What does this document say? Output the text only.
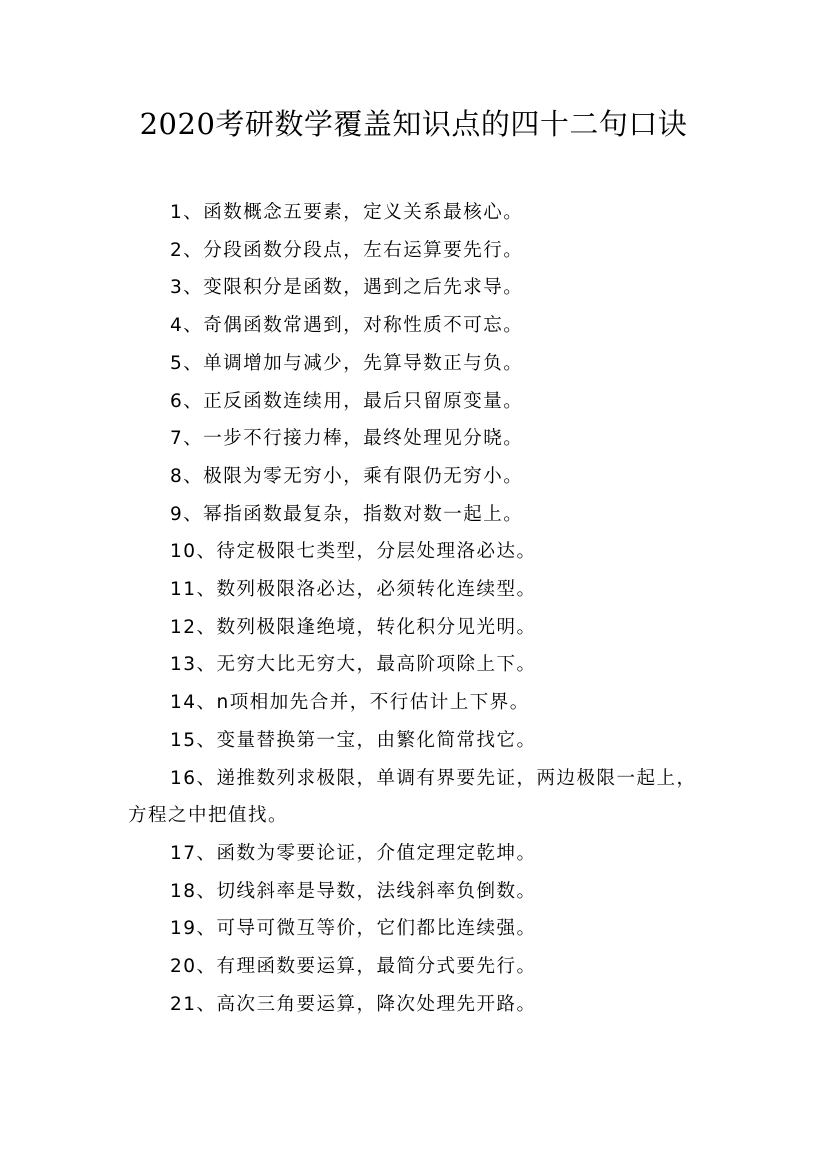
2020考研数学覆盖知识点的四十二句口诀
1、函数概念五要素，定义关系最核心。
2、分段函数分段点，左右运算要先行。
3、变限积分是函数，遇到之后先求导。
4、奇偶函数常遇到，对称性质不可忘。
5、单调增加与减少，先算导数正与负。
6、正反函数连续用，最后只留原变量。
7、一步不行接力棒，最终处理见分晓。
8、极限为零无穷小，乘有限仍无穷小。
9、幂指函数最复杂，指数对数一起上。
10、待定极限七类型，分层处理洛必达。
11、数列极限洛必达，必须转化连续型。
12、数列极限逢绝境，转化积分见光明。
13、无穷大比无穷大，最高阶项除上下。
14、n项相加先合并，不行估计上下界。
15、变量替换第一宝，由繁化简常找它。
16、递推数列求极限，单调有界要先证，两边极限一起上，方程之中把值找。
17、函数为零要论证，介值定理定乾坤。
18、切线斜率是导数，法线斜率负倒数。
19、可导可微互等价，它们都比连续强。
20、有理函数要运算，最简分式要先行。
21、高次三角要运算，降次处理先开路。
